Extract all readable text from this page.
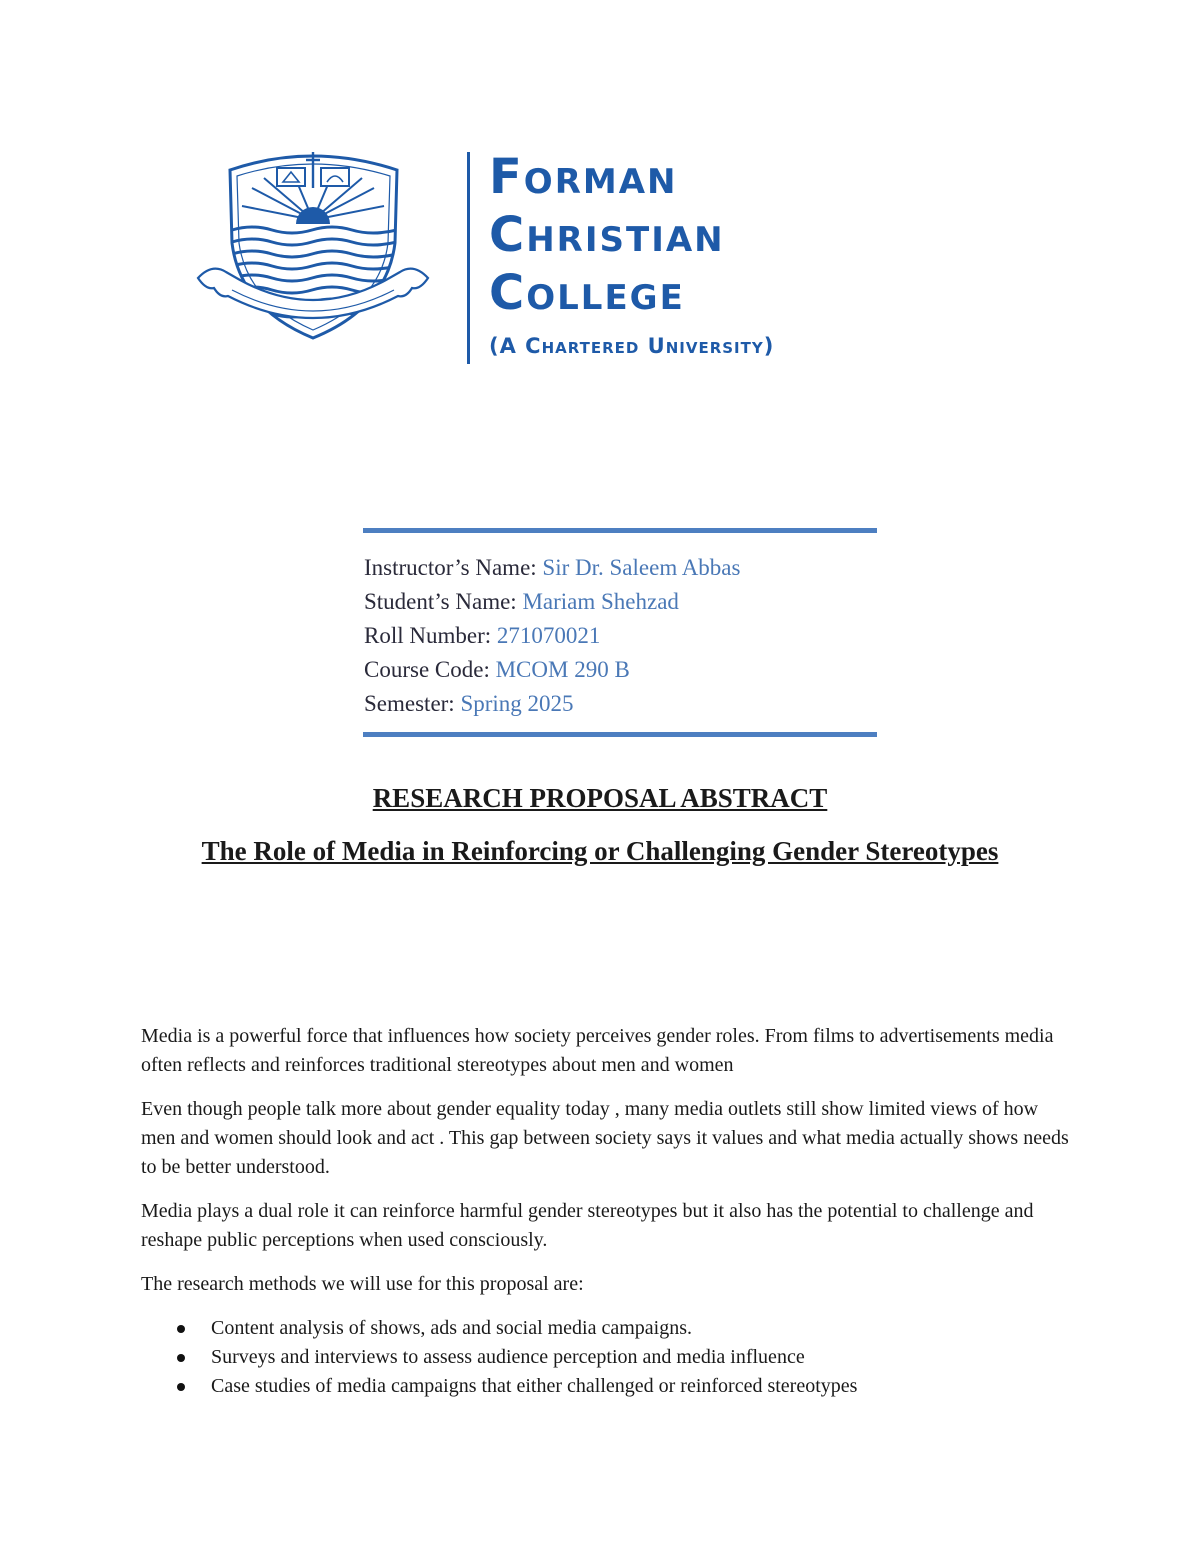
Forman
Christian
College
(A Chartered University)
Instructor’s Name: Sir Dr. Saleem Abbas
Student’s Name: Mariam Shehzad
Roll Number: 271070021
Course Code: MCOM 290 B
Semester: Spring 2025
RESEARCH PROPOSAL ABSTRACT
The Role of Media in Reinforcing or Challenging Gender Stereotypes

Media is a powerful force that influences how society perceives gender roles. From films to advertisements media often reflects and reinforces traditional stereotypes about men and women

Even though people talk more about gender equality today , many media outlets still show limited views of how men and women should look and act . This gap between society says it values and what media actually shows needs to be better understood.

Media plays a dual role it can reinforce harmful gender stereotypes but it also has the potential to challenge and reshape public perceptions when used consciously.

The research methods we will use for this proposal are:

Content analysis of shows, ads and social media campaigns.
Surveys and interviews to assess audience perception and media influence
Case studies of media campaigns that either challenged or reinforced stereotypes
